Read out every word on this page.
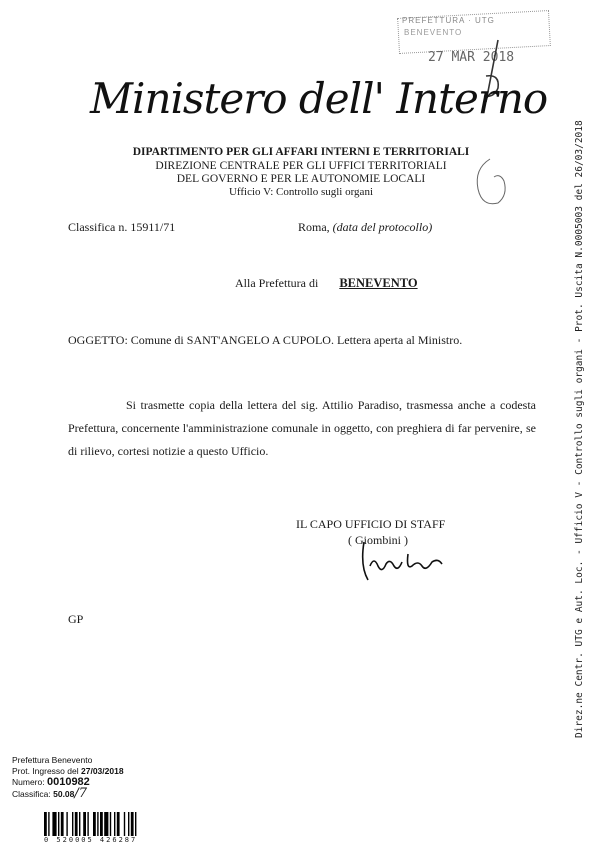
PREFETTURA · UTG
BENEVENTO
27 MAR 2018
Ministero dell' Interno
DIPARTIMENTO PER GLI AFFARI INTERNI E TERRITORIALI
DIREZIONE CENTRALE PER GLI UFFICI TERRITORIALI
DEL GOVERNO E PER LE AUTONOMIE LOCALI
Ufficio V: Controllo sugli organi
Classifica n. 15911/71	Roma, (data del protocollo)
Alla Prefettura di BENEVENTO
OGGETTO: Comune di SANT'ANGELO A CUPOLO. Lettera aperta al Ministro.
Si trasmette copia della lettera del sig. Attilio Paradiso, trasmessa anche a codesta Prefettura, concernente l'amministrazione comunale in oggetto, con preghiera di far pervenire, se di rilievo, cortesi notizie a questo Ufficio.
IL CAPO UFFICIO DI STAFF
( Giombini )
GP	Direz.ne Centr. UTG e Aut. Loc. - Ufficio V - Controllo sugli organi - Prot. Uscita N.0005003 del 26/03/2018
Prefettura Benevento
Prot. Ingresso del 27/03/2018
Numero: 0010982
Classifica: 50.08/7
0 520005 426287
